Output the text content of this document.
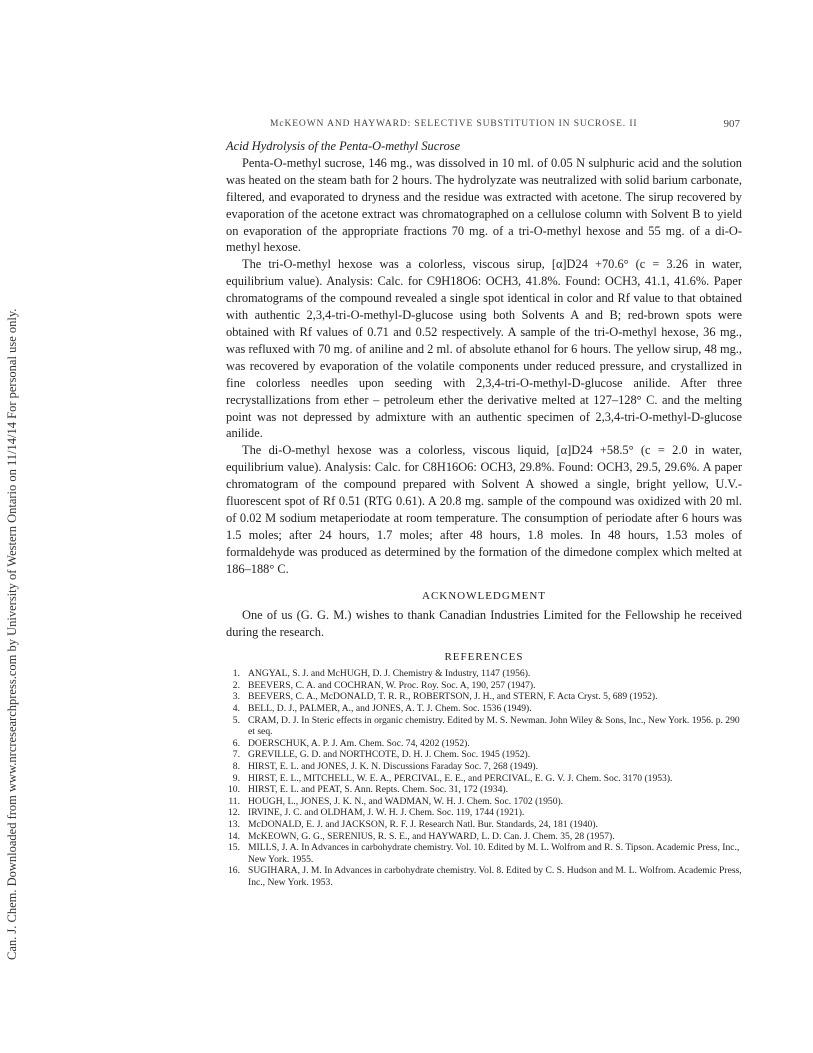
Can. J. Chem. Downloaded from www.nrcresearchpress.com by University of Western Ontario on 11/14/14 For personal use only.
McKEOWN AND HAYWARD: SELECTIVE SUBSTITUTION IN SUCROSE. II	907

Acid Hydrolysis of the Penta-O-methyl Sucrose

Penta-O-methyl sucrose, 146 mg., was dissolved in 10 ml. of 0.05 N sulphuric acid and the solution was heated on the steam bath for 2 hours. The hydrolyzate was neutralized with solid barium carbonate, filtered, and evaporated to dryness and the residue was extracted with acetone. The sirup recovered by evaporation of the acetone extract was chromatographed on a cellulose column with Solvent B to yield on evaporation of the appropriate fractions 70 mg. of a tri-O-methyl hexose and 55 mg. of a di-O-methyl hexose.

The tri-O-methyl hexose was a colorless, viscous sirup, [α]D24 +70.6° (c = 3.26 in water, equilibrium value). Analysis: Calc. for C9H18O6: OCH3, 41.8%. Found: OCH3, 41.1, 41.6%. Paper chromatograms of the compound revealed a single spot identical in color and Rf value to that obtained with authentic 2,3,4-tri-O-methyl-D-glucose using both Solvents A and B; red-brown spots were obtained with Rf values of 0.71 and 0.52 respectively. A sample of the tri-O-methyl hexose, 36 mg., was refluxed with 70 mg. of aniline and 2 ml. of absolute ethanol for 6 hours. The yellow sirup, 48 mg., was recovered by evaporation of the volatile components under reduced pressure, and crystallized in fine colorless needles upon seeding with 2,3,4-tri-O-methyl-D-glucose anilide. After three recrystallizations from ether – petroleum ether the derivative melted at 127–128° C. and the melting point was not depressed by admixture with an authentic specimen of 2,3,4-tri-O-methyl-D-glucose anilide.

The di-O-methyl hexose was a colorless, viscous liquid, [α]D24 +58.5° (c = 2.0 in water, equilibrium value). Analysis: Calc. for C8H16O6: OCH3, 29.8%. Found: OCH3, 29.5, 29.6%. A paper chromatogram of the compound prepared with Solvent A showed a single, bright yellow, U.V.-fluorescent spot of Rf 0.51 (RTG 0.61). A 20.8 mg. sample of the compound was oxidized with 20 ml. of 0.02 M sodium metaperiodate at room temperature. The consumption of periodate after 6 hours was 1.5 moles; after 24 hours, 1.7 moles; after 48 hours, 1.8 moles. In 48 hours, 1.53 moles of formaldehyde was produced as determined by the formation of the dimedone complex which melted at 186–188° C.

ACKNOWLEDGMENT

One of us (G. G. M.) wishes to thank Canadian Industries Limited for the Fellowship he received during the research.

REFERENCES

1. ANGYAL, S. J. and McHUGH, D. J. Chemistry & Industry, 1147 (1956).
2. BEEVERS, C. A. and COCHRAN, W. Proc. Roy. Soc. A, 190, 257 (1947).
3. BEEVERS, C. A., McDONALD, T. R. R., ROBERTSON, J. H., and STERN, F. Acta Cryst. 5, 689 (1952).
4. BELL, D. J., PALMER, A., and JONES, A. T. J. Chem. Soc. 1536 (1949).
5. CRAM, D. J. In Steric effects in organic chemistry. Edited by M. S. Newman. John Wiley & Sons, Inc., New York. 1956. p. 290 et seq.
6. DOERSCHUK, A. P. J. Am. Chem. Soc. 74, 4202 (1952).
7. GREVILLE, G. D. and NORTHCOTE, D. H. J. Chem. Soc. 1945 (1952).
8. HIRST, E. L. and JONES, J. K. N. Discussions Faraday Soc. 7, 268 (1949).
9. HIRST, E. L., MITCHELL, W. E. A., PERCIVAL, E. E., and PERCIVAL, E. G. V. J. Chem. Soc. 3170 (1953).
10. HIRST, E. L. and PEAT, S. Ann. Repts. Chem. Soc. 31, 172 (1934).
11. HOUGH, L., JONES, J. K. N., and WADMAN, W. H. J. Chem. Soc. 1702 (1950).
12. IRVINE, J. C. and OLDHAM, J. W. H. J. Chem. Soc. 119, 1744 (1921).
13. McDONALD, E. J. and JACKSON, R. F. J. Research Natl. Bur. Standards, 24, 181 (1940).
14. McKEOWN, G. G., SERENIUS, R. S. E., and HAYWARD, L. D. Can. J. Chem. 35, 28 (1957).
15. MILLS, J. A. In Advances in carbohydrate chemistry. Vol. 10. Edited by M. L. Wolfrom and R. S. Tipson. Academic Press, Inc., New York. 1955.
16. SUGIHARA, J. M. In Advances in carbohydrate chemistry. Vol. 8. Edited by C. S. Hudson and M. L. Wolfrom. Academic Press, Inc., New York. 1953.
